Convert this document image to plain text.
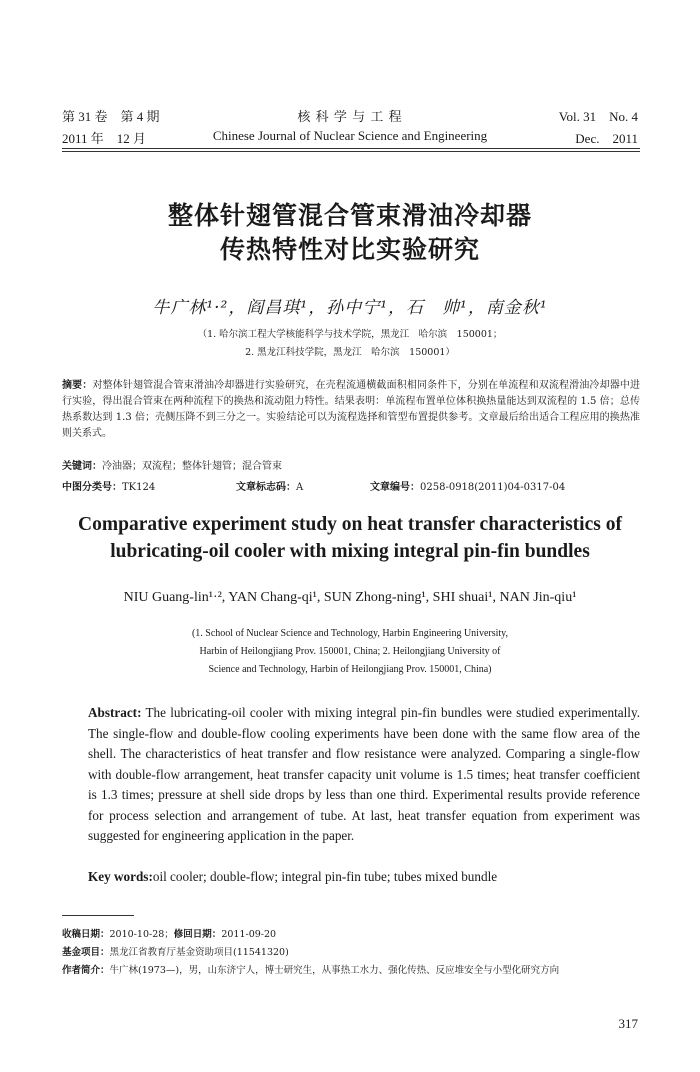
第 31 卷　第 4 期
2011 年　12 月
核 科 学 与 工 程
Chinese Journal of Nuclear Science and Engineering
Vol. 31　No. 4
Dec.　2011
整体针翅管混合管束滑油冷却器
传热特性对比实验研究
牛广林¹·²，阎昌琪¹，孙中宁¹，石　帅¹，南金秋¹
（1. 哈尔滨工程大学核能科学与技术学院，黑龙江　哈尔滨　150001；
2. 黑龙江科技学院，黑龙江　哈尔滨　150001）

摘要：对整体针翅管混合管束滑油冷却器进行实验研究，在壳程流通横截面积相同条件下，分别在单流程和双流程滑油冷却器中进行实验，得出混合管束在两种流程下的换热和流动阻力特性。结果表明：单流程布置单位体积换热量能达到双流程的 1.5 倍；总传热系数达到 1.3 倍；壳侧压降不到三分之一。实验结论可以为流程选择和管型布置提供参考。文章最后给出适合工程应用的换热准则关系式。

关键词：冷油器；双流程；整体针翅管；混合管束

中图分类号：TK124	文章标志码：A	文章编号：0258-0918(2011)04-0317-04
Comparative experiment study on heat transfer characteristics of
lubricating-oil cooler with mixing integral pin-fin bundles
NIU Guang-lin¹·², YAN Chang-qi¹, SUN Zhong-ning¹, SHI shuai¹, NAN Jin-qiu¹
(1. School of Nuclear Science and Technology, Harbin Engineering University,
Harbin of Heilongjiang Prov. 150001, China; 2. Heilongjiang University of
Science and Technology, Harbin of Heilongjiang Prov. 150001, China)

Abstract: The lubricating-oil cooler with mixing integral pin-fin bundles were studied experimentally. The single-flow and double-flow cooling experiments have been done with the same flow area of the shell. The characteristics of heat transfer and flow resistance were analyzed. Comparing a single-flow with double-flow arrangement, heat transfer capacity unit volume is 1.5 times; heat transfer coefficient is 1.3 times; pressure at shell side drops by less than one third. Experimental results provide reference for process selection and arrangement of tube. At last, heat transfer equation from experiment was suggested for engineering application in the paper.

Key words:oil cooler; double-flow; integral pin-fin tube; tubes mixed bundle

收稿日期：2010-10-28；修回日期：2011-09-20
基金项目：黑龙江省教育厅基金资助项目(11541320)
作者简介：牛广林(1973—)，男，山东济宁人，博士研究生，从事热工水力、强化传热、反应堆安全与小型化研究方向
317
